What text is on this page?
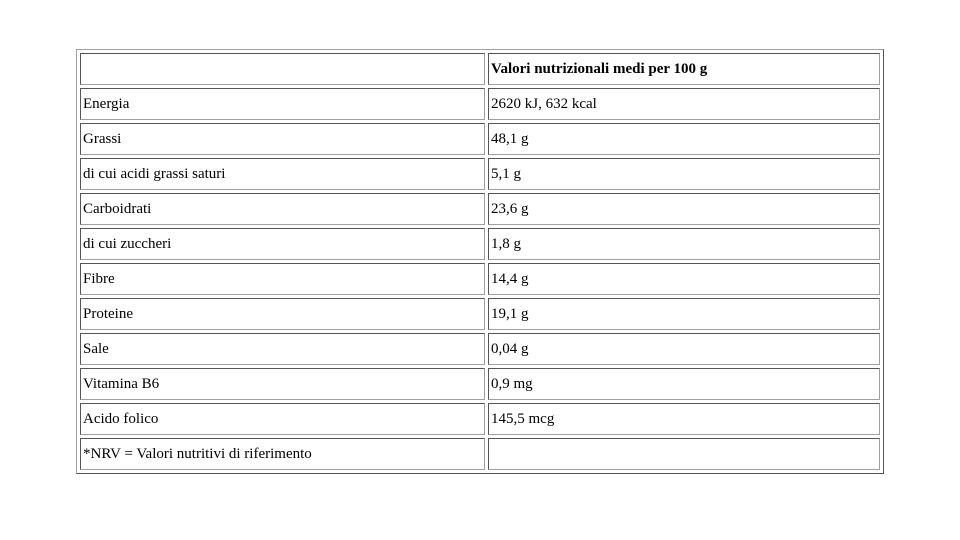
	Valori nutrizionali medi per 100 g
Energia	2620 kJ, 632 kcal
Grassi	48,1 g
di cui acidi grassi saturi	5,1 g
Carboidrati	23,6 g
di cui zuccheri	1,8 g
Fibre	14,4 g
Proteine	19,1 g
Sale	0,04 g
Vitamina B6	0,9 mg
Acido folico	145,5 mcg
*NRV = Valori nutritivi di riferimento	
